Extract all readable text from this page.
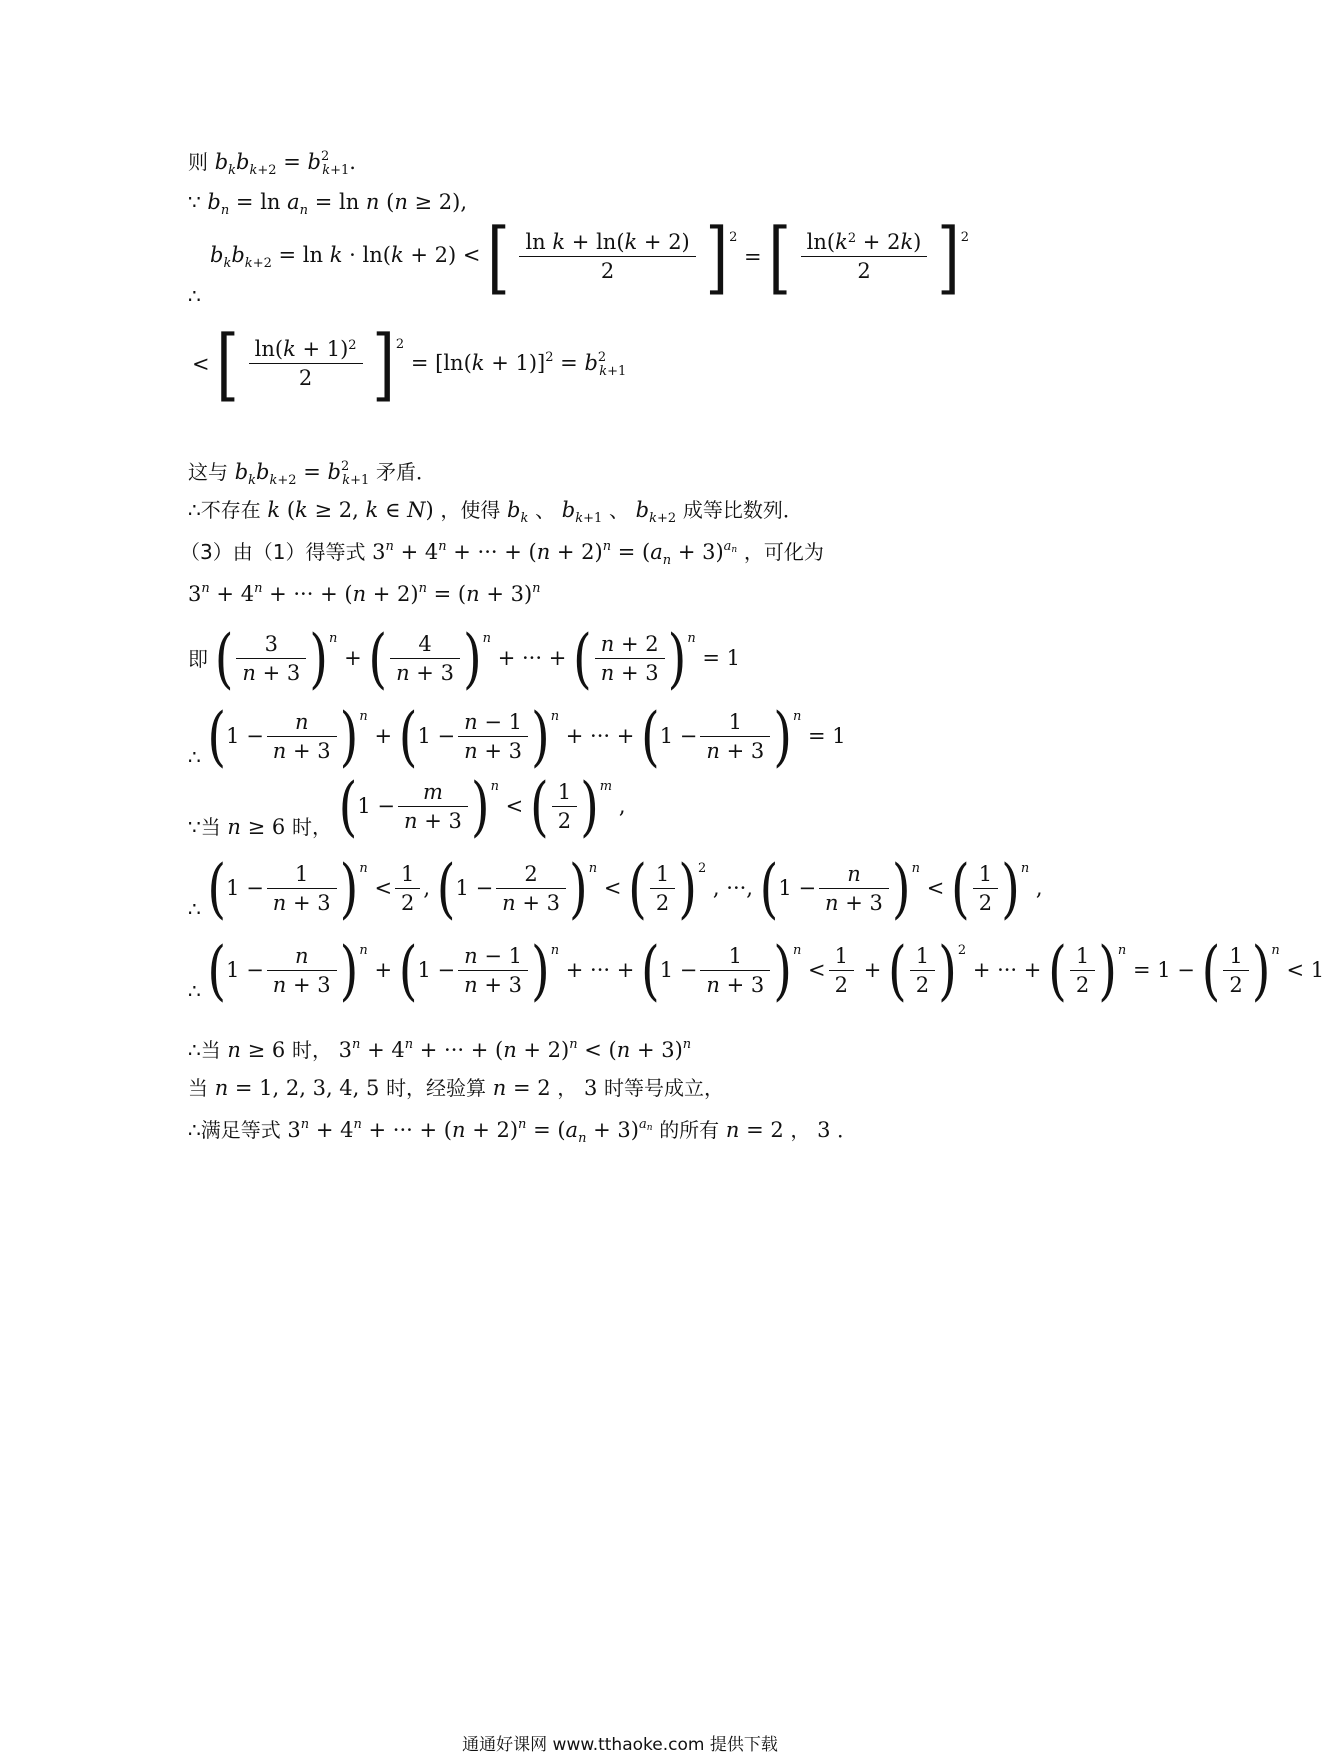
则 $b_kb_{k+2} = b^2_{k+1}$.
∵ $b_n = \ln a_n = \ln n$ (n ≥ 2),
∴
$b_kb_{k+2} = \ln k \cdot \ln(k + 2)$ < [ $\frac{\text{ln k + ln(k + 2)}}{2} ]^2$ = [ $\frac{\ln(k^2 + 2k)}{2} ]^2$
< [ $\frac{\ln(k + 1)^2}{2} ]^2 = [\ln(k + 1)]^2 = b^2_{k+1}$
这与 $b_kb_{k+2} = b^2_{k+1}$ 矛盾．
∴不存在 k (k ≥ 2, k ∈ N) ，使得 $b_k$ 、 $b_{k+1}$ 、 $b_{k+2}$ 成等比数列．
（3）由（1）得等式 $3^n + 4^n$ + ··· + $(n + 2)^n = (a_n + 3)^{a_n}$ ，可化为
$3^n + 4^n$ + ··· + $(n + 2)^n = (n + 3)^n$
即 ( $\frac{3}{n + 3} )^n$ + ( $\frac{4}{n + 3} )^n$ + ··· + ( $\frac{n + 2}{n + 3} )^n = 1$
∴ $(1 - \frac{n}{n + 3} )^n + (1 - \frac{n - 1}{n + 3} )^n$ + ··· + $(1 - \frac{1}{n + 3} )^n = 1$
∵当 n ≥ 6 时， $(1 - \frac{m}{n + 3} )^n$ < ( $\frac{1}{2} )^m$ ,
∴ $(1 - \frac{1}{n + 3} )^n < \frac{1}{2}$ , $(1 - \frac{2}{n + 3} )^n$ < ( $\frac{1}{2} )^2$ , ···, $(1 - \frac{n}{n + 3} )^n$ < ( $\frac{1}{2} )^n$ ,
∴ $(1 - \frac{n}{n + 3} )^n + (1 - \frac{n - 1}{n + 3} )^n$ + ··· + $(1 - \frac{1}{n + 3} )^n < \frac{1}{2}$ + ( $\frac{1}{2} )^2$ + ··· + ( $\frac{1}{2} )^n = 1$ − ( $\frac{1}{2} )^n < 1$
∴当 n ≥ 6 时， $3^n + 4^n$ + ··· + $(n + 2)^n < (n + 3)^n$
当 n = 1, 2, 3, 4, 5 时，经验算 n = 2 ， 3 时等号成立，
∴满足等式 $3^n + 4^n$ + ··· + $(n + 2)^n = (a_n + 3)^{a_n}$ 的所有 n = 2 ， 3 ．
通通好课网 www.tthaoke.com 提供下载
